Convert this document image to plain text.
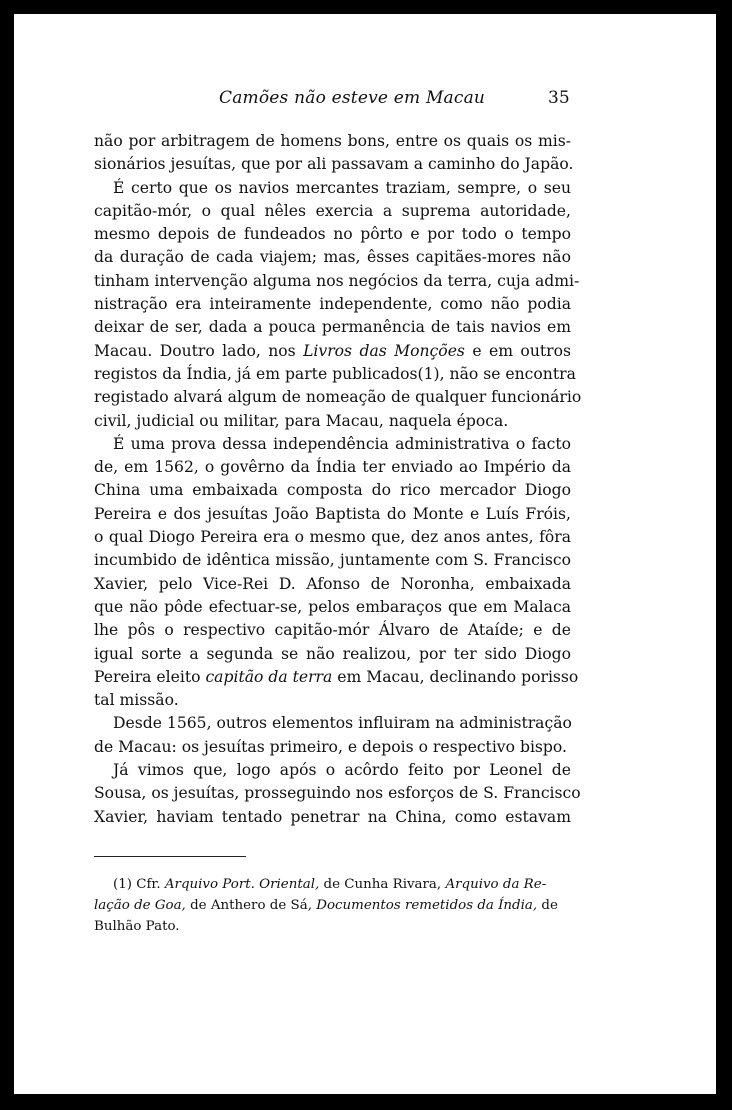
Camões não esteve em Macau	35

não por arbitragem de homens bons, entre os quais os mis-
sionários jesuítas, que por ali passavam a caminho do Japão.

É certo que os navios mercantes traziam, sempre, o seu
capitão-mór, o qual nêles exercia a suprema autoridade,
mesmo depois de fundeados no pôrto e por todo o tempo
da duração de cada viajem; mas, êsses capitães-mores não
tinham intervenção alguma nos negócios da terra, cuja admi-
nistração era inteiramente independente, como não podia
deixar de ser, dada a pouca permanência de tais navios em
Macau. Doutro lado, nos Livros das Monções e em outros
registos da Índia, já em parte publicados(1), não se encontra
registado alvará algum de nomeação de qualquer funcionário
civil, judicial ou militar, para Macau, naquela época.

É uma prova dessa independência administrativa o facto
de, em 1562, o govêrno da Índia ter enviado ao Império da
China uma embaixada composta do rico mercador Diogo
Pereira e dos jesuítas João Baptista do Monte e Luís Fróis,
o qual Diogo Pereira era o mesmo que, dez anos antes, fôra
incumbido de idêntica missão, juntamente com S. Francisco
Xavier, pelo Vice-Rei D. Afonso de Noronha, embaixada
que não pôde efectuar-se, pelos embaraços que em Malaca
lhe pôs o respectivo capitão-mór Álvaro de Ataíde; e de
igual sorte a segunda se não realizou, por ter sido Diogo
Pereira eleito capitão da terra em Macau, declinando porisso
tal missão.

Desde 1565, outros elementos influiram na administração
de Macau: os jesuítas primeiro, e depois o respectivo bispo.

Já vimos que, logo após o acôrdo feito por Leonel de
Sousa, os jesuítas, prosseguindo nos esforços de S. Francisco
Xavier, haviam tentado penetrar na China, como estavam

(1) Cfr. Arquivo Port. Oriental, de Cunha Rivara, Arquivo da Re-
lação de Goa, de Anthero de Sá, Documentos remetidos da Índia, de
Bulhão Pato.
